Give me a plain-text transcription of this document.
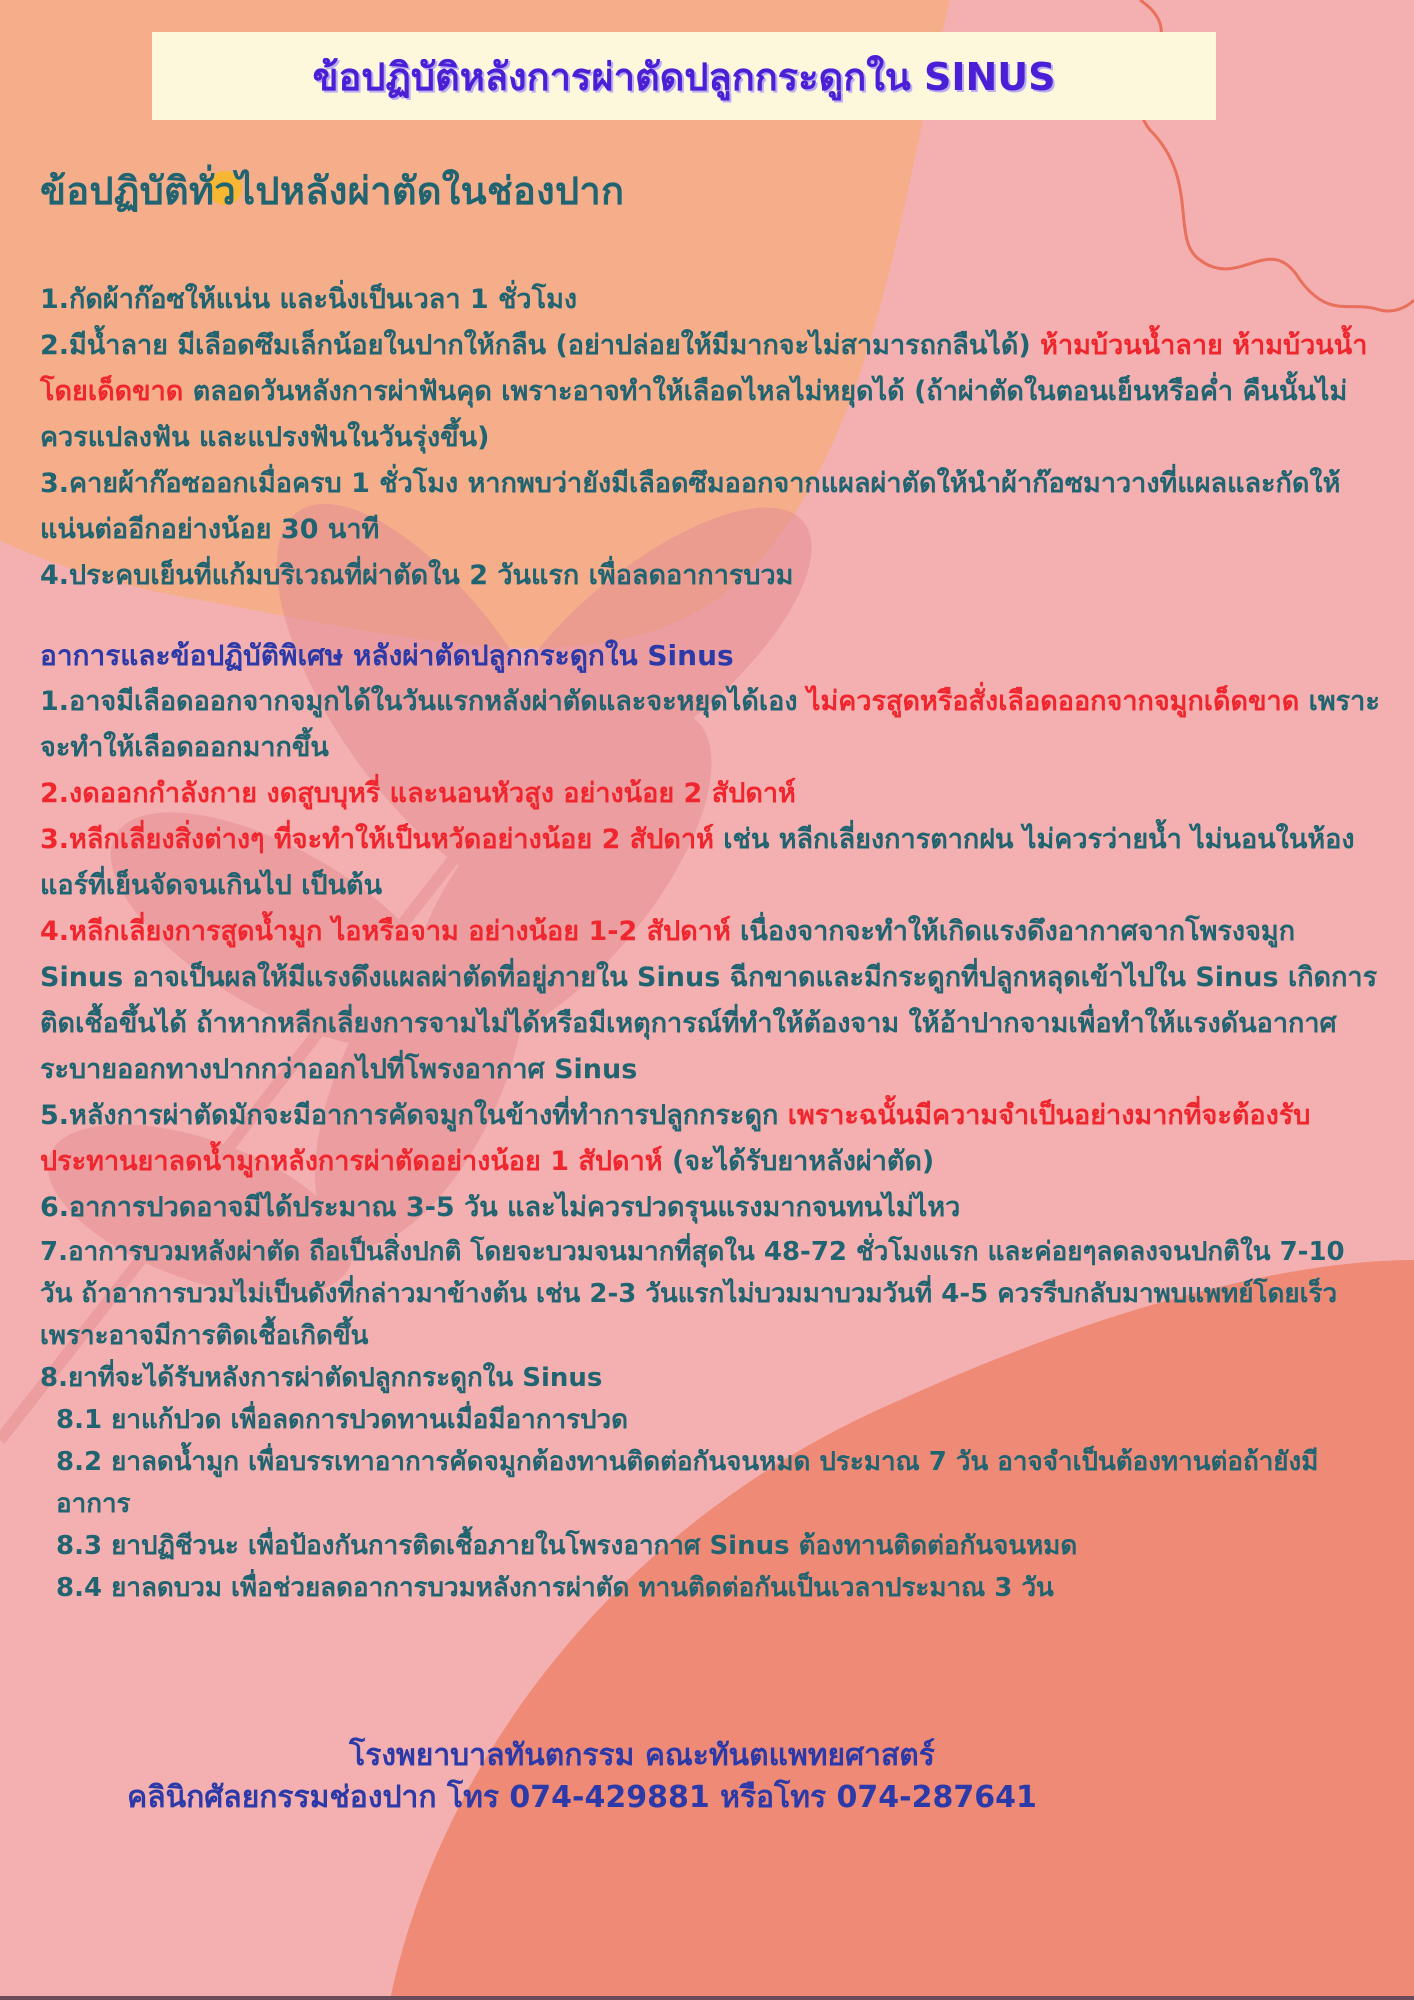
ข้อปฏิบัติหลังการผ่าตัดปลูกกระดูกใน SINUS

ข้อปฏิบัติทั่วไปหลังผ่าตัดในช่องปาก

1.กัดผ้าก๊อซให้แน่น และนิ่งเป็นเวลา 1 ชั่วโมง

2.มีน้ำลาย มีเลือดซึมเล็กน้อยในปากให้กลืน (อย่าปล่อยให้มีมากจะไม่สามารถกลืนได้) ห้ามบ้วนน้ำลาย ห้ามบ้วนน้ำ โดยเด็ดขาด ตลอดวันหลังการผ่าฟันคุด เพราะอาจทำให้เลือดไหลไม่หยุดได้ (ถ้าผ่าตัดในตอนเย็นหรือค่ำ คืนนั้นไม่ควรแปลงฟัน และแปรงฟันในวันรุ่งขึ้น)

3.คายผ้าก๊อซออกเมื่อครบ 1 ชั่วโมง หากพบว่ายังมีเลือดซึมออกจากแผลผ่าตัดให้นำผ้าก๊อซมาวางที่แผลและกัดให้แน่นต่ออีกอย่างน้อย 30 นาที

4.ประคบเย็นที่แก้มบริเวณที่ผ่าตัดใน 2 วันแรก เพื่อลดอาการบวม

อาการและข้อปฏิบัติพิเศษ หลังผ่าตัดปลูกกระดูกใน Sinus

1.อาจมีเลือดออกจากจมูกได้ในวันแรกหลังผ่าตัดและจะหยุดได้เอง ไม่ควรสูดหรือสั่งเลือดออกจากจมูกเด็ดขาด เพราะจะทำให้เลือดออกมากขึ้น

2.งดออกกำลังกาย งดสูบบุหรี่ และนอนหัวสูง อย่างน้อย 2 สัปดาห์

3.หลีกเลี่ยงสิ่งต่างๆ ที่จะทำให้เป็นหวัดอย่างน้อย 2 สัปดาห์ เช่น หลีกเลี่ยงการตากฝน ไม่ควรว่ายน้ำ ไม่นอนในห้องแอร์ที่เย็นจัดจนเกินไป เป็นต้น

4.หลีกเลี่ยงการสูดน้ำมูก ไอหรือจาม อย่างน้อย 1-2 สัปดาห์ เนื่องจากจะทำให้เกิดแรงดึงอากาศจากโพรงจมูก Sinus อาจเป็นผลให้มีแรงดึงแผลผ่าตัดที่อยู่ภายใน Sinus ฉีกขาดและมีกระดูกที่ปลูกหลุดเข้าไปใน Sinus เกิดการติดเชื้อขึ้นได้ ถ้าหากหลีกเลี่ยงการจามไม่ได้หรือมีเหตุการณ์ที่ทำให้ต้องจาม ให้อ้าปากจามเพื่อทำให้แรงดันอากาศระบายออกทางปากกว่าออกไปที่โพรงอากาศ Sinus

5.หลังการผ่าตัดมักจะมีอาการคัดจมูกในข้างที่ทำการปลูกกระดูก เพราะฉนั้นมีความจำเป็นอย่างมากที่จะต้องรับประทานยาลดน้ำมูกหลังการผ่าตัดอย่างน้อย 1 สัปดาห์ (จะได้รับยาหลังผ่าตัด)

6.อาการปวดอาจมีได้ประมาณ 3-5 วัน และไม่ควรปวดรุนแรงมากจนทนไม่ไหว

7.อาการบวมหลังผ่าตัด ถือเป็นสิ่งปกติ โดยจะบวมจนมากที่สุดใน 48-72 ชั่วโมงแรก และค่อยๆลดลงจนปกติใน 7-10 วัน ถ้าอาการบวมไม่เป็นดังที่กล่าวมาข้างต้น เช่น 2-3 วันแรกไม่บวมมาบวมวันที่ 4-5 ควรรีบกลับมาพบแพทย์โดยเร็ว เพราะอาจมีการติดเชื้อเกิดขึ้น

8.ยาที่จะได้รับหลังการผ่าตัดปลูกกระดูกใน Sinus

8.1 ยาแก้ปวด เพื่อลดการปวดทานเมื่อมีอาการปวด

8.2 ยาลดน้ำมูก เพื่อบรรเทาอาการคัดจมูกต้องทานติดต่อกันจนหมด ประมาณ 7 วัน อาจจำเป็นต้องทานต่อถ้ายังมีอาการ

8.3 ยาปฏิชีวนะ เพื่อป้องกันการติดเชื้อภายในโพรงอากาศ Sinus ต้องทานติดต่อกันจนหมด

8.4 ยาลดบวม เพื่อช่วยลดอาการบวมหลังการผ่าตัด ทานติดต่อกันเป็นเวลาประมาณ 3 วัน

โรงพยาบาลทันตกรรม คณะทันตแพทยศาสตร์
คลินิกศัลยกรรมช่องปาก โทร 074-429881 หรือโทร 074-287641
